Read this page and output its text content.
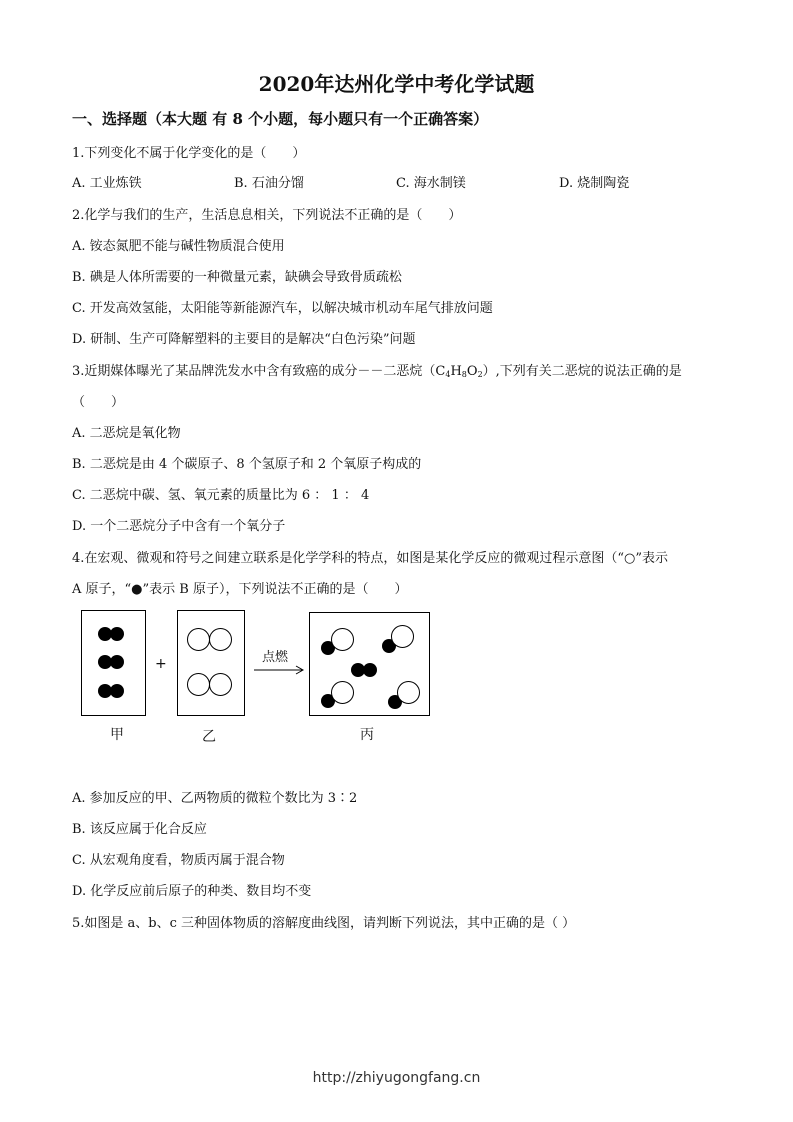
2020年达州化学中考化学试题
一、选择题（本大题 有 8 个小题，每小题只有一个正确答案）
1.下列变化不属于化学变化的是（　　）
A. 工业炼铁	B. 石油分馏	C. 海水制镁	D. 烧制陶瓷
2.化学与我们的生产，生活息息相关，下列说法不正确的是（　　）
A. 铵态氮肥不能与碱性物质混合使用
B. 碘是人体所需要的一种微量元素，缺碘会导致骨质疏松
C. 开发高效氢能，太阳能等新能源汽车，以解决城市机动车尾气排放问题
D. 研制、生产可降解塑料的主要目的是解决“白色污染”问题
3.近期媒体曝光了某品牌洗发水中含有致癌的成分－－二恶烷$(C_4H_8O_2)$,下列有关二恶烷的说法正确的是
（　　）
A. 二恶烷是氧化物
B. 二恶烷是由 4 个碳原子、8 个氢原子和 2 个氧原子构成的
C. 二恶烷中碳、氢、氧元素的质量比为 6 ： 1 ： 4
D. 一个二恶烷分子中含有一个氧分子
4.在宏观、微观和符号之间建立联系是化学学科的特点，如图是某化学反应的微观过程示意图（“○”表示
A 原子，“●”表示 B 原子），下列说法不正确的是（　　）
+	点燃
甲	乙	丙
A. 参加反应的甲、乙两物质的微粒个数比为 3∶2
B. 该反应属于化合反应
C. 从宏观角度看，物质丙属于混合物
D. 化学反应前后原子的种类、数目均不变
5.如图是 a、b、c 三种固体物质的溶解度曲线图，请判断下列说法，其中正确的是（ ）
http://zhiyugongfang.cn
